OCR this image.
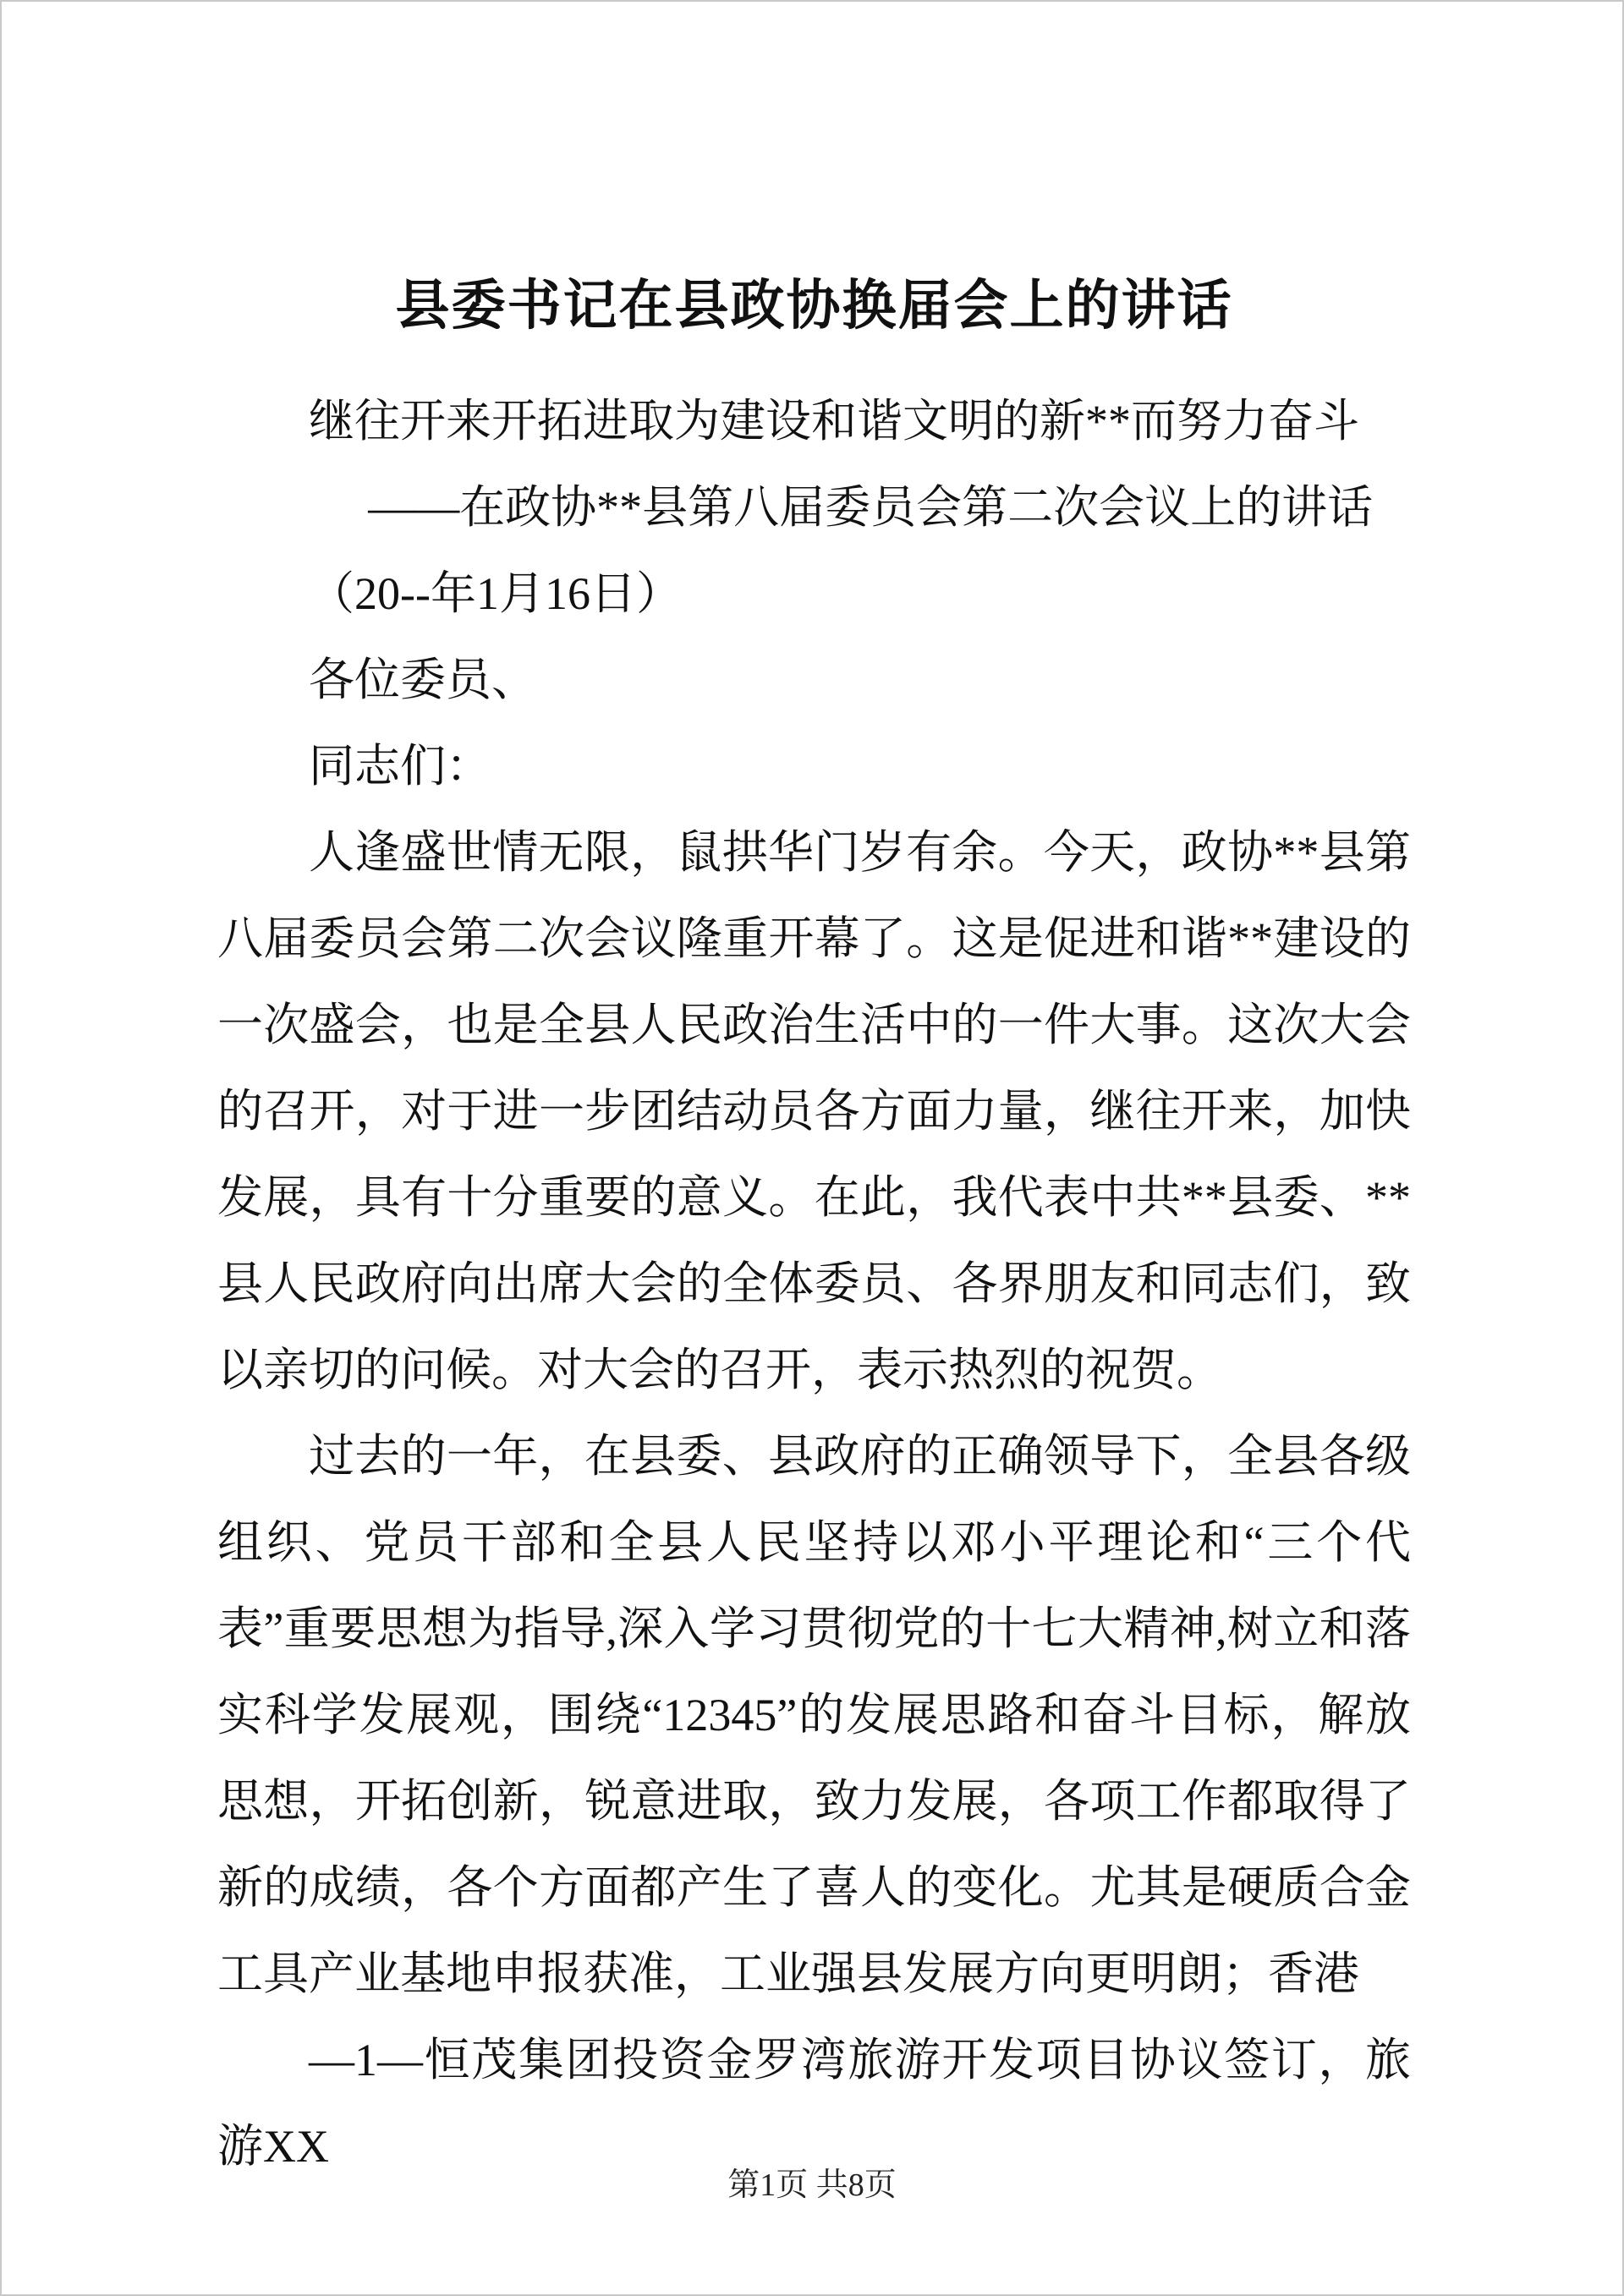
县委书记在县政协换届会上的讲话

继往开来开拓进取为建设和谐文明的新**而努力奋斗

——在政协**县第八届委员会第二次会议上的讲话

（20--年1月16日）

各位委员、

同志们：

人逢盛世情无限，鼠拱华门岁有余。今天，政协**县第八届委员会第二次会议隆重开幕了。这是促进和谐**建设的一次盛会，也是全县人民政治生活中的一件大事。这次大会的召开，对于进一步团结动员各方面力量，继往开来，加快发展，具有十分重要的意义。在此，我代表中共**县委、**县人民政府向出席大会的全体委员、各界朋友和同志们，致以亲切的问候。对大会的召开，表示热烈的祝贺。

过去的一年，在县委、县政府的正确领导下，全县各级组织、党员干部和全县人民坚持以邓小平理论和“三个代表”重要思想为指导,深入学习贯彻党的十七大精神,树立和落实科学发展观，围绕“12345”的发展思路和奋斗目标，解放思想，开拓创新，锐意进取，致力发展，各项工作都取得了新的成绩，各个方面都产生了喜人的变化。尤其是硬质合金工具产业基地申报获准，工业强县发展方向更明朗；香港

—1—恒茂集团投资金罗湾旅游开发项目协议签订，旅游XX

第1页 共8页
